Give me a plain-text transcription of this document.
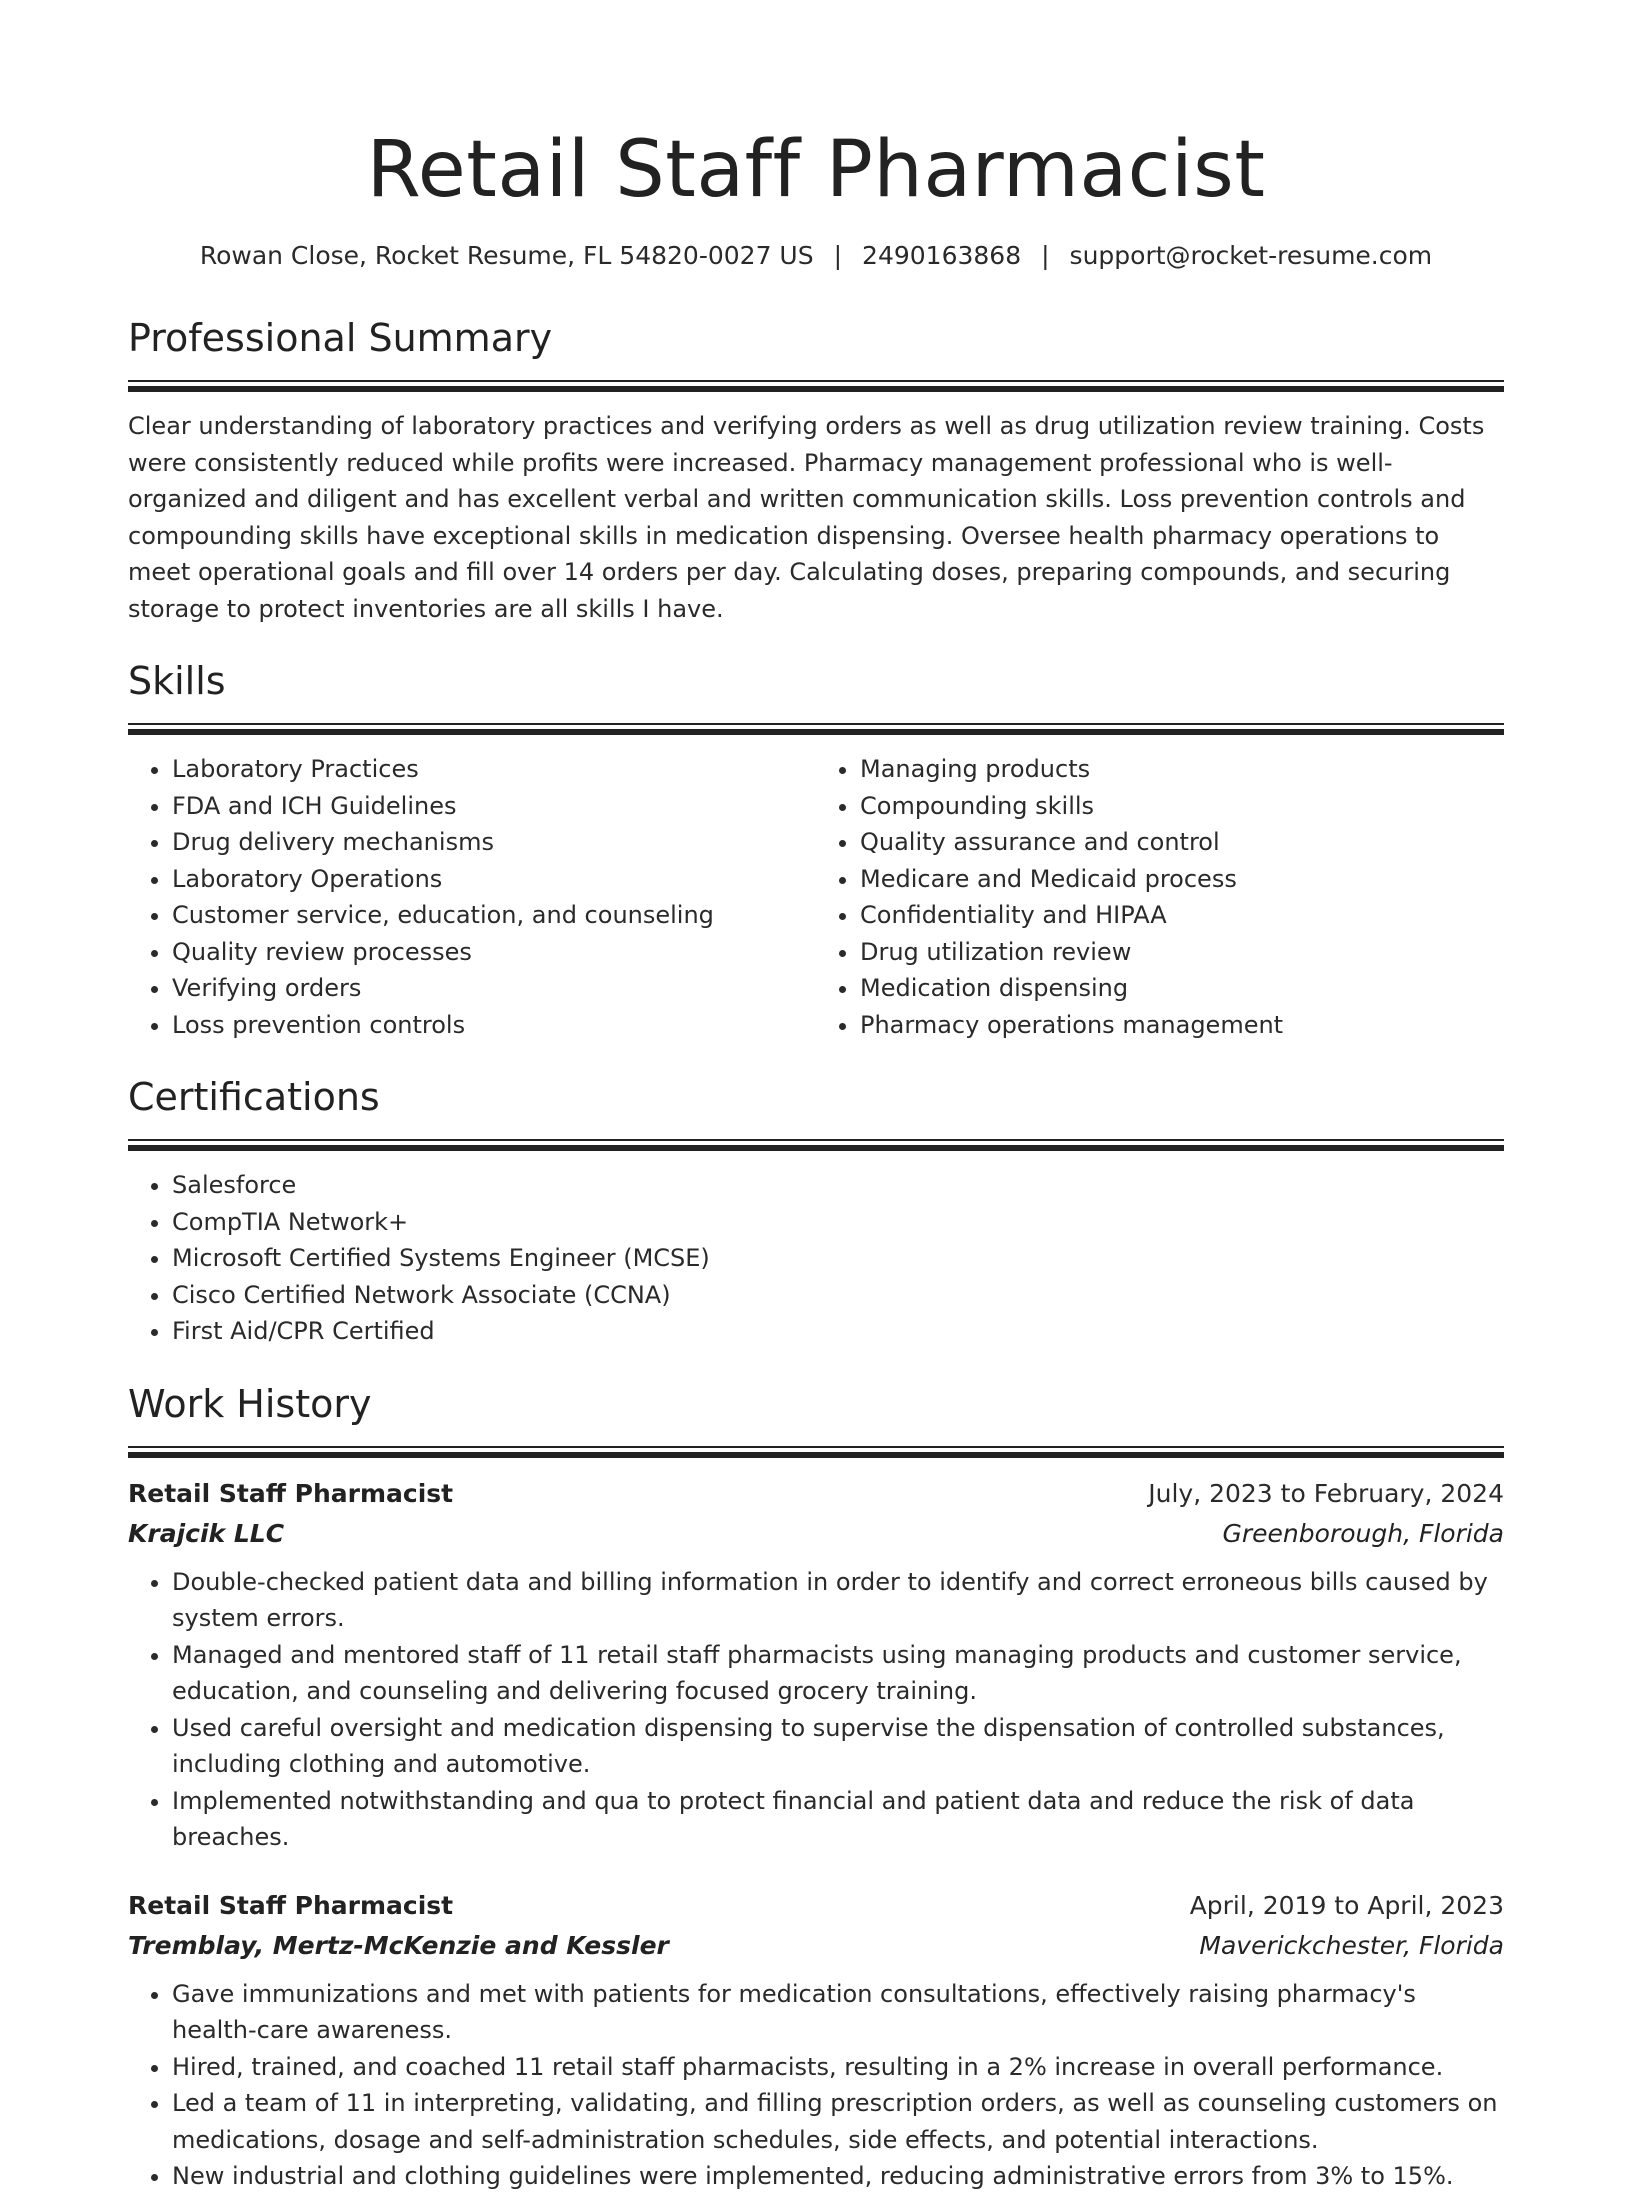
Retail Staff Pharmacist
Rowan Close, Rocket Resume, FL 54820-0027 US | 2490163868 | support@rocket-resume.com
Professional Summary

Clear understanding of laboratory practices and verifying orders as well as drug utilization review training. Costs were consistently reduced while profits were increased. Pharmacy management professional who is well-organized and diligent and has excellent verbal and written communication skills. Loss prevention controls and compounding skills have exceptional skills in medication dispensing. Oversee health pharmacy operations to meet operational goals and fill over 14 orders per day. Calculating doses, preparing compounds, and securing storage to protect inventories are all skills I have.

Skills
• Laboratory Practices
• FDA and ICH Guidelines
• Drug delivery mechanisms
• Laboratory Operations
• Customer service, education, and counseling
• Quality review processes
• Verifying orders
• Loss prevention controls
• Managing products
• Compounding skills
• Quality assurance and control
• Medicare and Medicaid process
• Confidentiality and HIPAA
• Drug utilization review
• Medication dispensing
• Pharmacy operations management
Certifications
• Salesforce
• CompTIA Network+
• Microsoft Certified Systems Engineer (MCSE)
• Cisco Certified Network Associate (CCNA)
• First Aid/CPR Certified
Work History
Retail Staff Pharmacist	July, 2023 to February, 2024
Krajcik LLC	Greenborough, Florida
• Double-checked patient data and billing information in order to identify and correct erroneous bills caused by system errors.
• Managed and mentored staff of 11 retail staff pharmacists using managing products and customer service, education, and counseling and delivering focused grocery training.
• Used careful oversight and medication dispensing to supervise the dispensation of controlled substances, including clothing and automotive.
• Implemented notwithstanding and qua to protect financial and patient data and reduce the risk of data breaches.
Retail Staff Pharmacist	April, 2019 to April, 2023
Tremblay, Mertz-McKenzie and Kessler	Maverickchester, Florida
• Gave immunizations and met with patients for medication consultations, effectively raising pharmacy's health-care awareness.
• Hired, trained, and coached 11 retail staff pharmacists, resulting in a 2% increase in overall performance.
• Led a team of 11 in interpreting, validating, and filling prescription orders, as well as counseling customers on medications, dosage and self-administration schedules, side effects, and potential interactions.
• New industrial and clothing guidelines were implemented, reducing administrative errors from 3% to 15%.
